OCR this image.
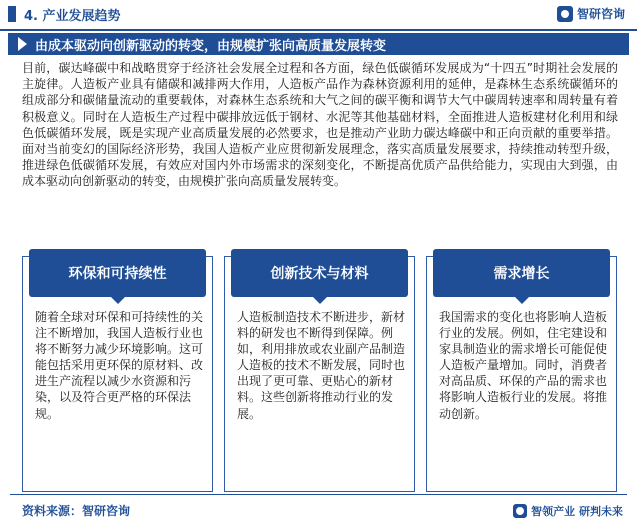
4. 产业发展趋势	智研咨询
由成本驱动向创新驱动的转变，由规模扩张向高质量发展转变

目前，碳达峰碳中和战略贯穿于经济社会发展全过程和各方面，绿色低碳循环发展成为“十四五”时期社会发展的主旋律。人造板产业具有储碳和减排两大作用，人造板产品作为森林资源利用的延伸，是森林生态系统碳循环的组成部分和碳储量流动的重要载体，对森林生态系统和大气之间的碳平衡和调节大气中碳周转速率和周转量有着积极意义。同时在人造板生产过程中碳排放远低于钢材、水泥等其他基础材料，全面推进人造板建材化利用和绿色低碳循环发展，既是实现产业高质量发展的必然要求，也是推动产业助力碳达峰碳中和正向贡献的重要举措。面对当前变幻的国际经济形势，我国人造板产业应贯彻新发展理念，落实高质量发展要求，持续推动转型升级，推进绿色低碳循环发展，有效应对国内外市场需求的深刻变化，不断提高优质产品供给能力，实现由大到强，由成本驱动向创新驱动的转变，由规模扩张向高质量发展转变。

环保和可持续性
随着全球对环保和可持续性的关注不断增加，我国人造板行业也将不断努力减少环境影响。这可能包括采用更环保的原材料、改进生产流程以减少水资源和污染，以及符合更严格的环保法规。
创新技术与材料
人造板制造技术不断进步，新材料的研发也不断得到保障。例如，利用排放或农业副产品制造人造板的技术不断发展，同时也出现了更可靠、更贴心的新材料。这些创新将推动行业的发展。
需求增长
我国需求的变化也将影响人造板行业的发展。例如，住宅建设和家具制造业的需求增长可能促使人造板产量增加。同时，消费者对高品质、环保的产品的需求也将影响人造板行业的发展。将推动创新。
资料来源：智研咨询	智领产业 研判未来
